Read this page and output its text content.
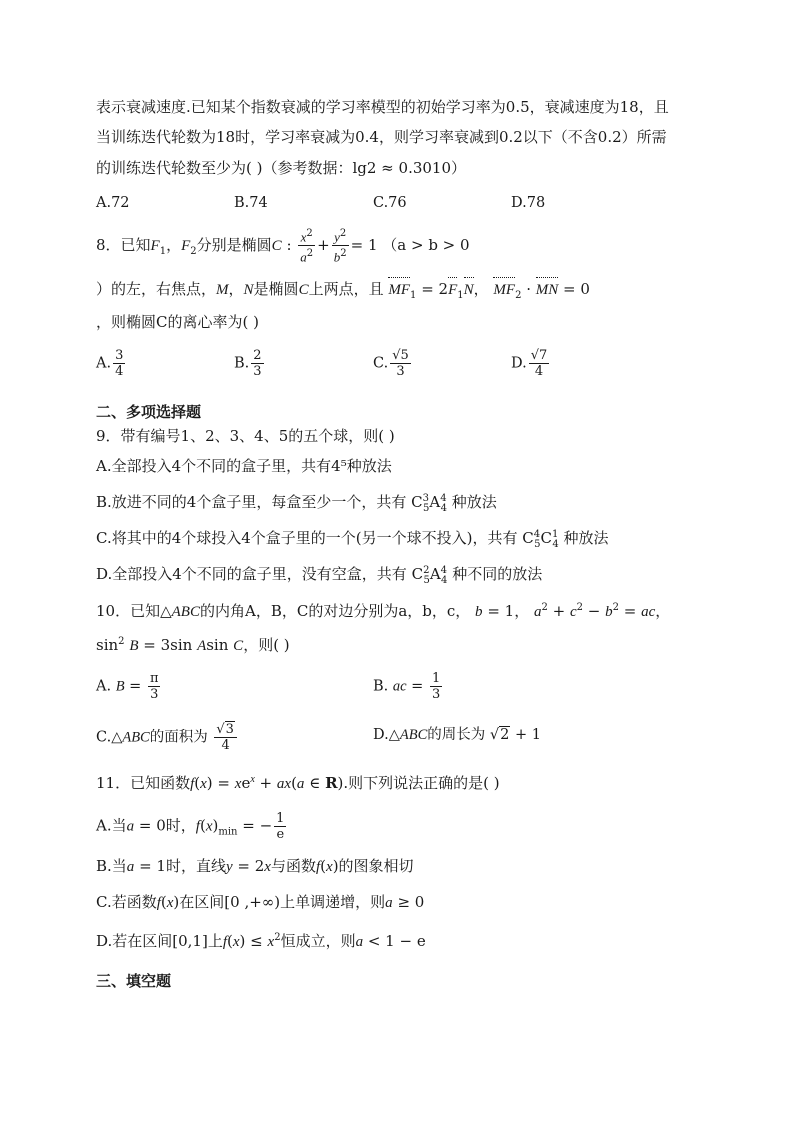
表示衰减速度.已知某个指数衰减的学习率模型的初始学习率为0.5，衰减速度为18，且
当训练迭代轮数为18时，学习率衰减为0.4，则学习率衰减到0.2以下（不含0.2）所需
的训练迭代轮数至少为( )（参考数据：lg2 ≈ 0.3010）
A.72	B.74	C.76	D.78
8．已知$F_1$，$F_2$分别是椭圆C : $\frac{x^2}{a^2} + \frac{y^2}{b^2} = 1$ （a > b > 0
）的左，右焦点，M，N是椭圆C上两点，且 $MF_1 = 2F_1N$， $MF_2$ · MN = 0
，则椭圆C的离心率为( )
A. $\frac{3}{4}$	B. $\frac{2}{3}$	C. $\frac{√5}{3}$	D. $\frac{√7}{4}$
二、多项选择题
9．带有编号1、2、3、4、5的五个球，则( )
A.全部投入4个不同的盒子里，共有4⁵种放法
B.放进不同的4个盒子里，每盒至少一个，共有 $C^3_5A^4_4$ 种放法
C.将其中的4个球投入4个盒子里的一个(另一个球不投入)，共有 $C^4_5C^1_4$ 种放法
D.全部投入4个不同的盒子里，没有空盒，共有 $C^2_5A^4_4$ 种不同的放法
10．已知△ABC的内角A，B，C的对边分别为a，b，c， b = 1， $a^2 + c^2 - b^2$ = ac，
$\sin^2 B = 3\sin$ Asin C，则( )
A. $B = \frac{\pi}{3}$	B. ac = $\frac{1}{3}$
C.△ABC的面积为 $\frac{√3}{4}$	D.△ABC的周长为 √2 + 1
11．已知函数$f(x) = xe^x + ax(a$ ∈ R).则下列说法正确的是( )
A.当a = 0时，$f(x)_{min}$ = − $\frac{1}{e}$
B.当a = 1时，直线y = 2x与函数f(x)的图象相切
C.若函数f(x)在区间[0 ,+∞)上单调递增，则a ≥ 0
D.若在区间[0,1]上$f(x) \le x^2$恒成立，则a < 1 − e
三、填空题
